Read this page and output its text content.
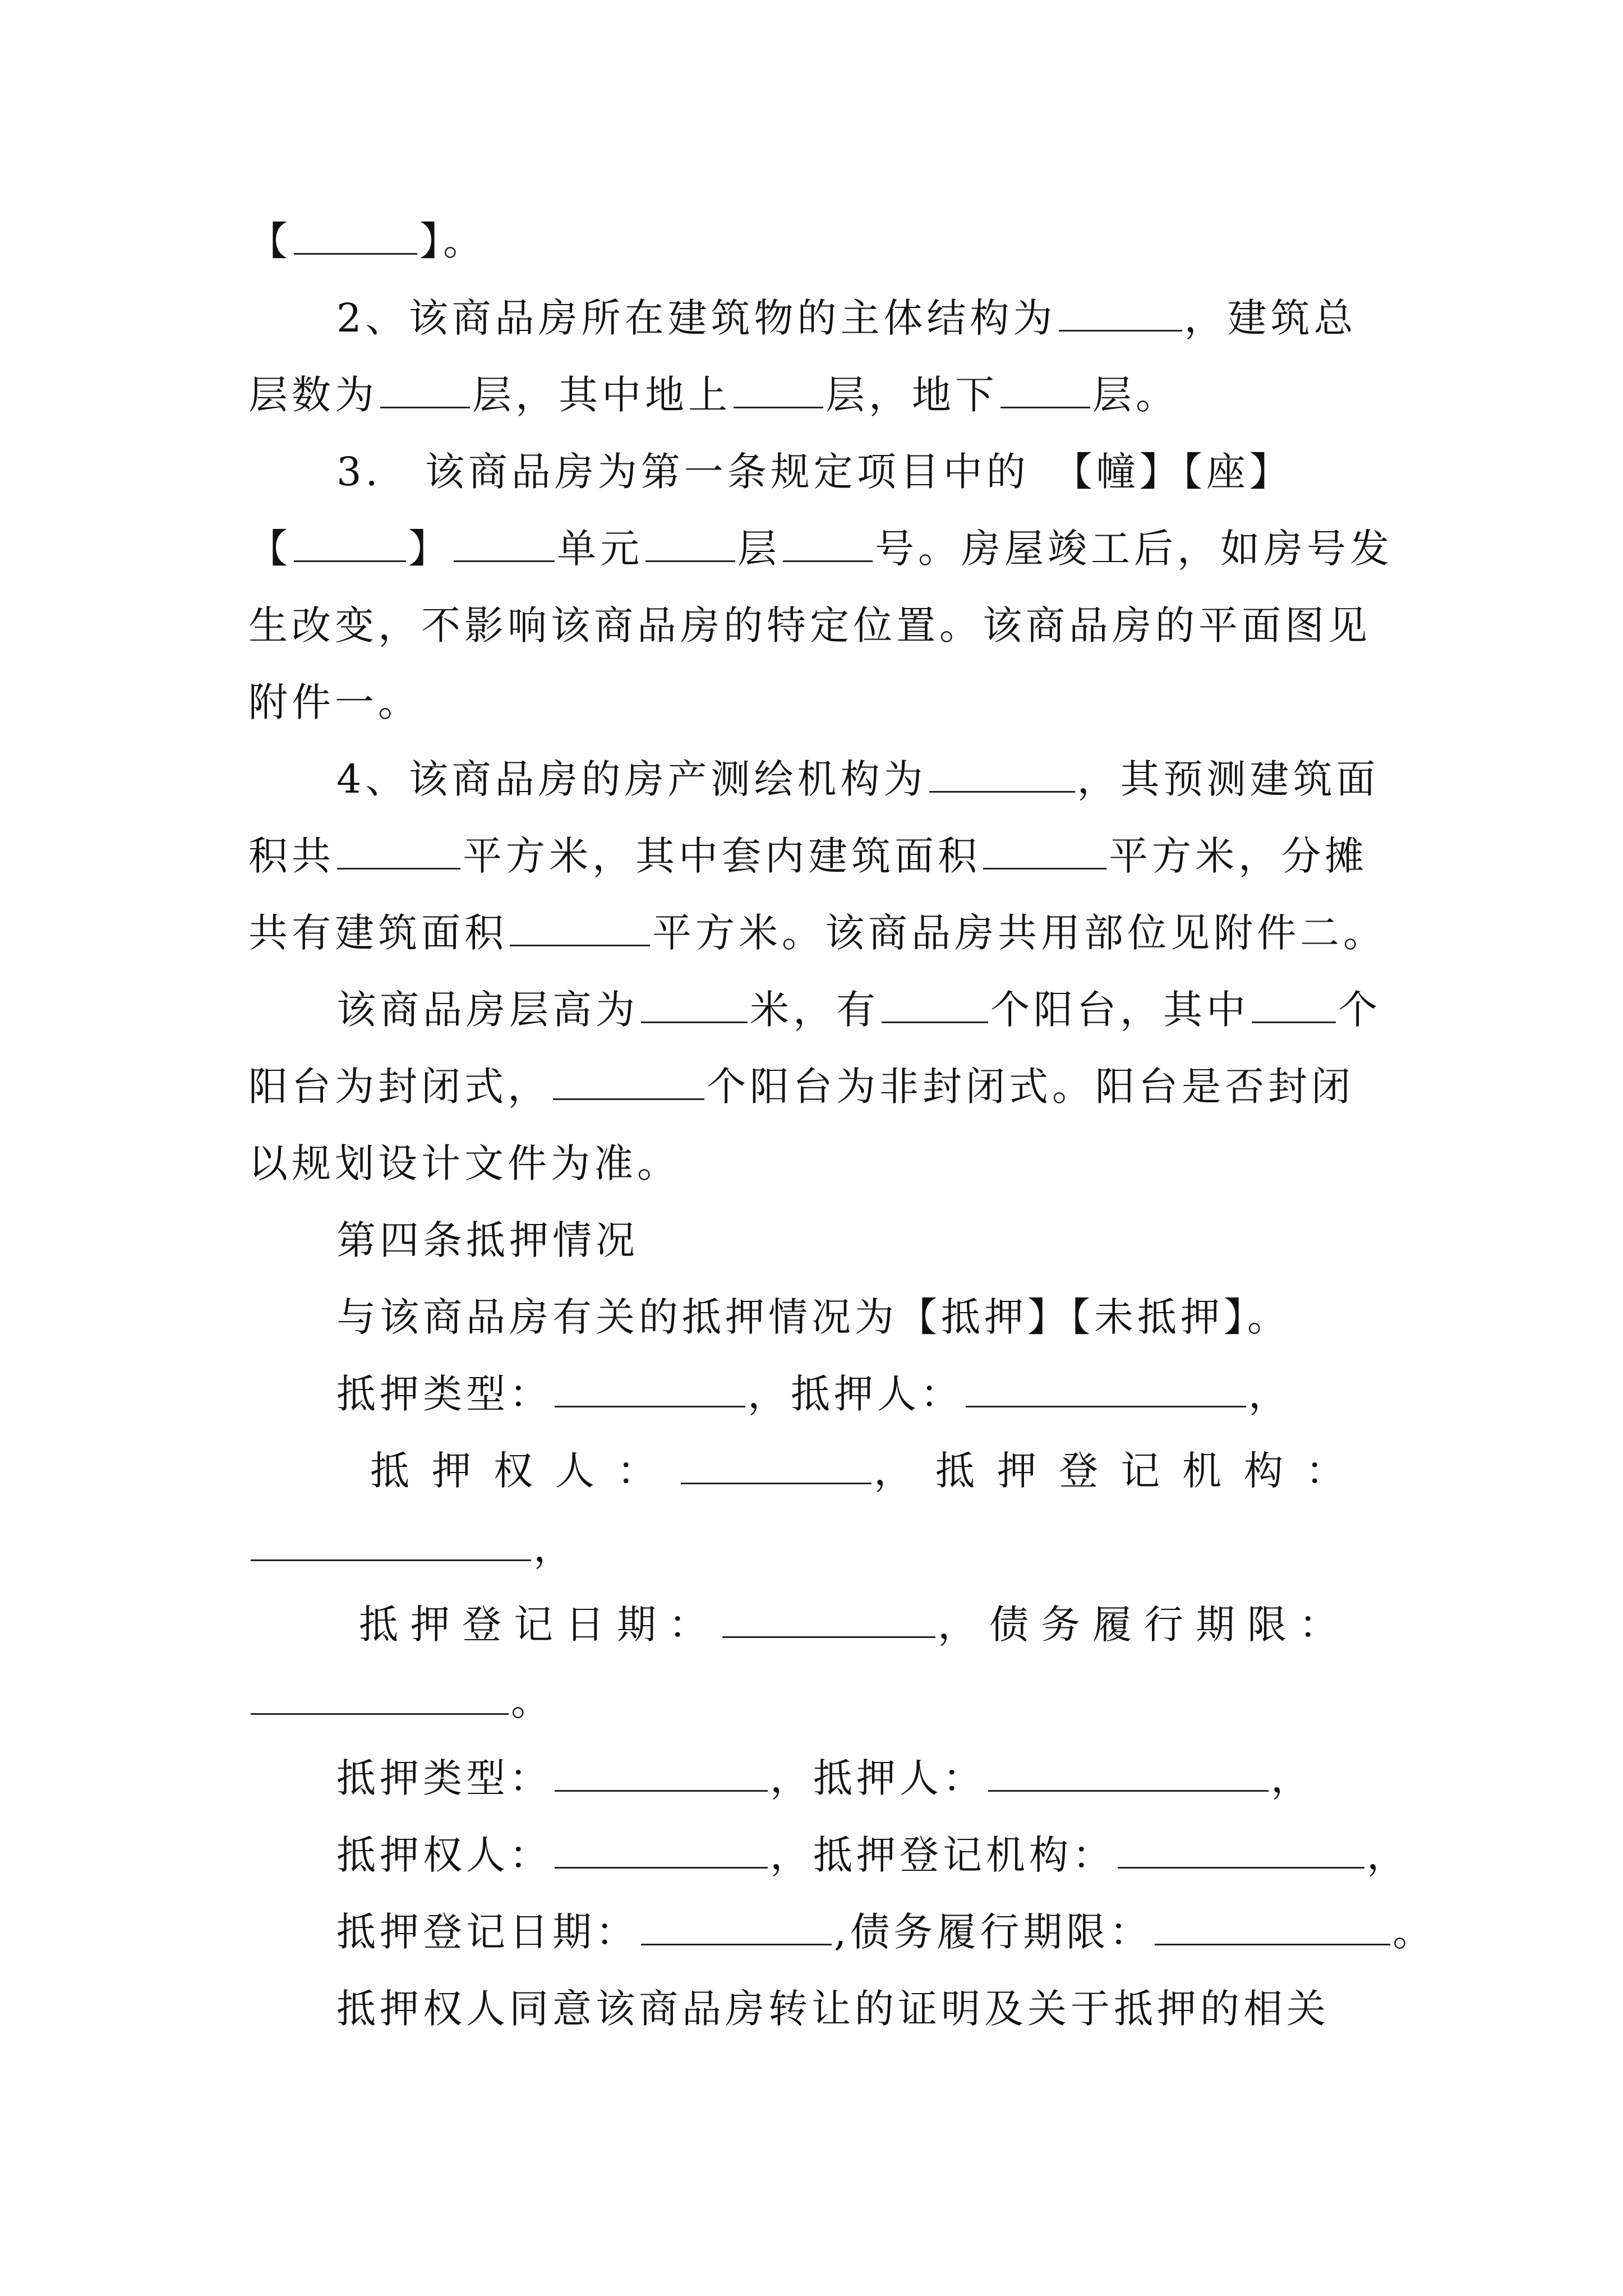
【	】。
2、该商品房所在建筑物的主体结构为	，建筑总
层数为 层，其中地上 层，地下 层。
3.　该商品房为第一条规定项目中的　【幢】【座】
【	】	单元 层 号。房屋竣工后，如房号发
生改变，不影响该商品房的特定位置。该商品房的平面图见
附件一。
4、该商品房的房产测绘机构为	，其预测建筑面
积共	平方米，其中套内建筑面积	平方米，分摊
共有建筑面积	平方米。该商品房共用部位见附件二。
该商品房层高为	米，有	个阳台，其中 个
阳台为封闭式，	个阳台为非封闭式。阳台是否封闭
以规划设计文件为准。
第四条抵押情况
与该商品房有关的抵押情况为【抵押】【未抵押】。
抵押类型：	，抵押人：	，
抵押权人：	，抵押登记机构：
，
抵押登记日期：	，债务履行期限：
。
抵押类型：	，抵押人：	，
抵押权人：	，抵押登记机构：	，
抵押登记日期：	,债务履行期限：	。
抵押权人同意该商品房转让的证明及关于抵押的相关
